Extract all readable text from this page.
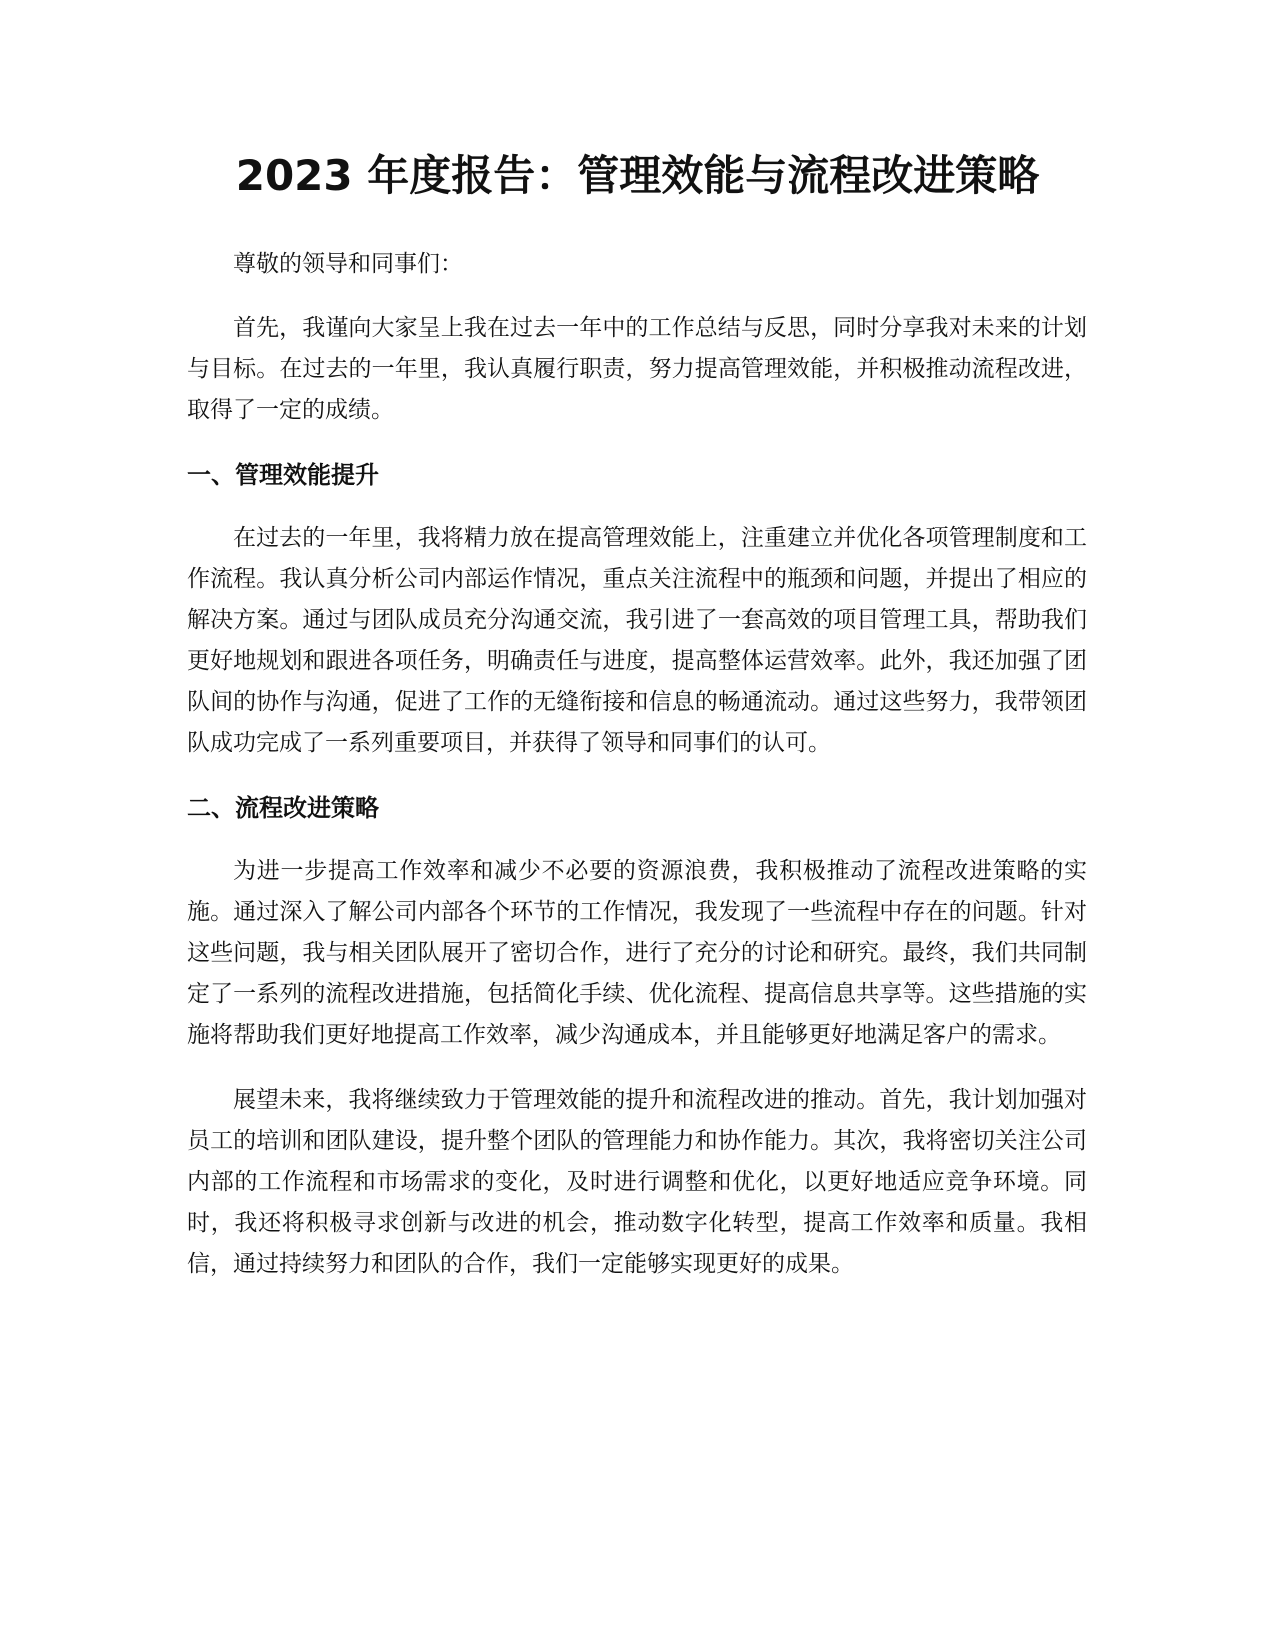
2023 年度报告：管理效能与流程改进策略

尊敬的领导和同事们：

首先，我谨向大家呈上我在过去一年中的工作总结与反思，同时分享我对未来的计划与目标。在过去的一年里，我认真履行职责，努力提高管理效能，并积极推动流程改进，取得了一定的成绩。

一、管理效能提升

在过去的一年里，我将精力放在提高管理效能上，注重建立并优化各项管理制度和工作流程。我认真分析公司内部运作情况，重点关注流程中的瓶颈和问题，并提出了相应的解决方案。通过与团队成员充分沟通交流，我引进了一套高效的项目管理工具，帮助我们更好地规划和跟进各项任务，明确责任与进度，提高整体运营效率。此外，我还加强了团队间的协作与沟通，促进了工作的无缝衔接和信息的畅通流动。通过这些努力，我带领团队成功完成了一系列重要项目，并获得了领导和同事们的认可。

二、流程改进策略

为进一步提高工作效率和减少不必要的资源浪费，我积极推动了流程改进策略的实施。通过深入了解公司内部各个环节的工作情况，我发现了一些流程中存在的问题。针对这些问题，我与相关团队展开了密切合作，进行了充分的讨论和研究。最终，我们共同制定了一系列的流程改进措施，包括简化手续、优化流程、提高信息共享等。这些措施的实施将帮助我们更好地提高工作效率，减少沟通成本，并且能够更好地满足客户的需求。

展望未来，我将继续致力于管理效能的提升和流程改进的推动。首先，我计划加强对员工的培训和团队建设，提升整个团队的管理能力和协作能力。其次，我将密切关注公司内部的工作流程和市场需求的变化，及时进行调整和优化，以更好地适应竞争环境。同时，我还将积极寻求创新与改进的机会，推动数字化转型，提高工作效率和质量。我相信，通过持续努力和团队的合作，我们一定能够实现更好的成果。
